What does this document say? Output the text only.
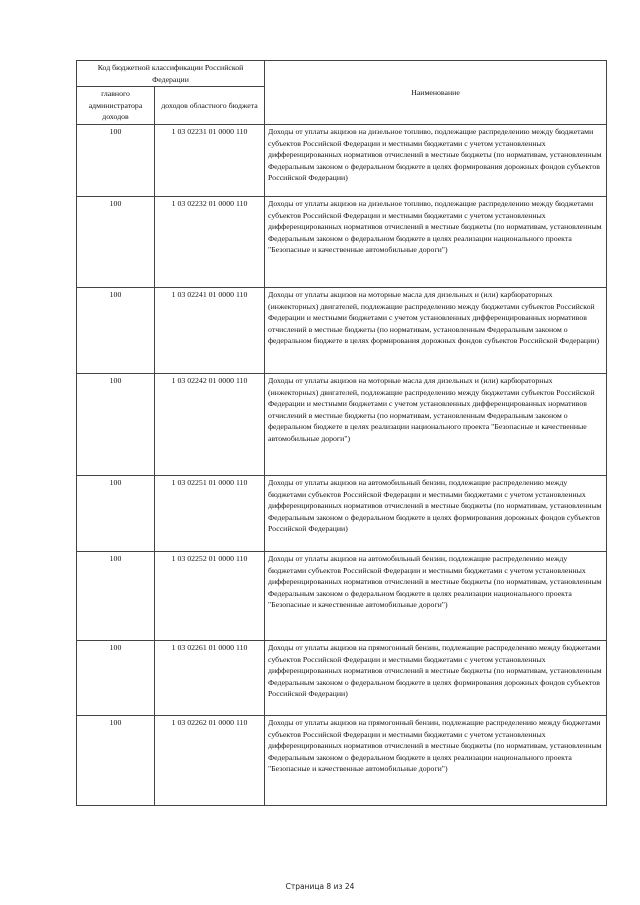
Код бюджетной классификации Российской Федерации		Наименование
главного администратора доходов	доходов областного бюджета	
100	1 03 02231 01 0000 110	Доходы от уплаты акцизов на дизельное топливо, подлежащие распределению между бюджетами субъектов Российской Федерации и местными бюджетами с учетом установленных дифференцированных нормативов отчислений в местные бюджеты (по нормативам, установленным Федеральным законом о федеральном бюджете в целях формирования дорожных фондов субъектов Российской Федерации)
100	1 03 02232 01 0000 110	Доходы от уплаты акцизов на дизельное топливо, подлежащие распределению между бюджетами субъектов Российской Федерации и местными бюджетами с учетом установленных дифференцированных нормативов отчислений в местные бюджеты (по нормативам, установленным Федеральным законом о федеральном бюджете в целях реализации национального проекта "Безопасные и качественные автомобильные дороги")
100	1 03 02241 01 0000 110	Доходы от уплаты акцизов на моторные масла для дизельных и (или) карбюраторных (инжекторных) двигателей, подлежащие распределению между бюджетами субъектов Российской Федерации и местными бюджетами с учетом установленных дифференцированных нормативов отчислений в местные бюджеты (по нормативам, установленным Федеральным законом о федеральном бюджете в целях формирования дорожных фондов субъектов Российской Федерации)
100	1 03 02242 01 0000 110	Доходы от уплаты акцизов на моторные масла для дизельных и (или) карбюраторных (инжекторных) двигателей, подлежащие распределению между бюджетами субъектов Российской Федерации и местными бюджетами с учетом установленных дифференцированных нормативов отчислений в местные бюджеты (по нормативам, установленным Федеральным законом о федеральном бюджете в целях реализации национального проекта "Безопасные и качественные автомобильные дороги")
100	1 03 02251 01 0000 110	Доходы от уплаты акцизов на автомобильный бензин, подлежащие распределению между бюджетами субъектов Российской Федерации и местными бюджетами с учетом установленных дифференцированных нормативов отчислений в местные бюджеты (по нормативам, установленным Федеральным законом о федеральном бюджете в целях формирования дорожных фондов субъектов Российской Федерации)
100	1 03 02252 01 0000 110	Доходы от уплаты акцизов на автомобильный бензин, подлежащие распределению между бюджетами субъектов Российской Федерации и местными бюджетами с учетом установленных дифференцированных нормативов отчислений в местные бюджеты (по нормативам, установленным Федеральным законом о федеральном бюджете в целях реализации национального проекта "Безопасные и качественные автомобильные дороги")
100	1 03 02261 01 0000 110	Доходы от уплаты акцизов на прямогонный бензин, подлежащие распределению между бюджетами субъектов Российской Федерации и местными бюджетами с учетом установленных дифференцированных нормативов отчислений в местные бюджеты (по нормативам, установленным Федеральным законом о федеральном бюджете в целях формирования дорожных фондов субъектов Российской Федерации)
100	1 03 02262 01 0000 110	Доходы от уплаты акцизов на прямогонный бензин, подлежащие распределению между бюджетами субъектов Российской Федерации и местными бюджетами с учетом установленных дифференцированных нормативов отчислений в местные бюджеты (по нормативам, установленным Федеральным законом о федеральном бюджете в целях реализации национального проекта "Безопасные и качественные автомобильные дороги")
Страница 8 из 24
